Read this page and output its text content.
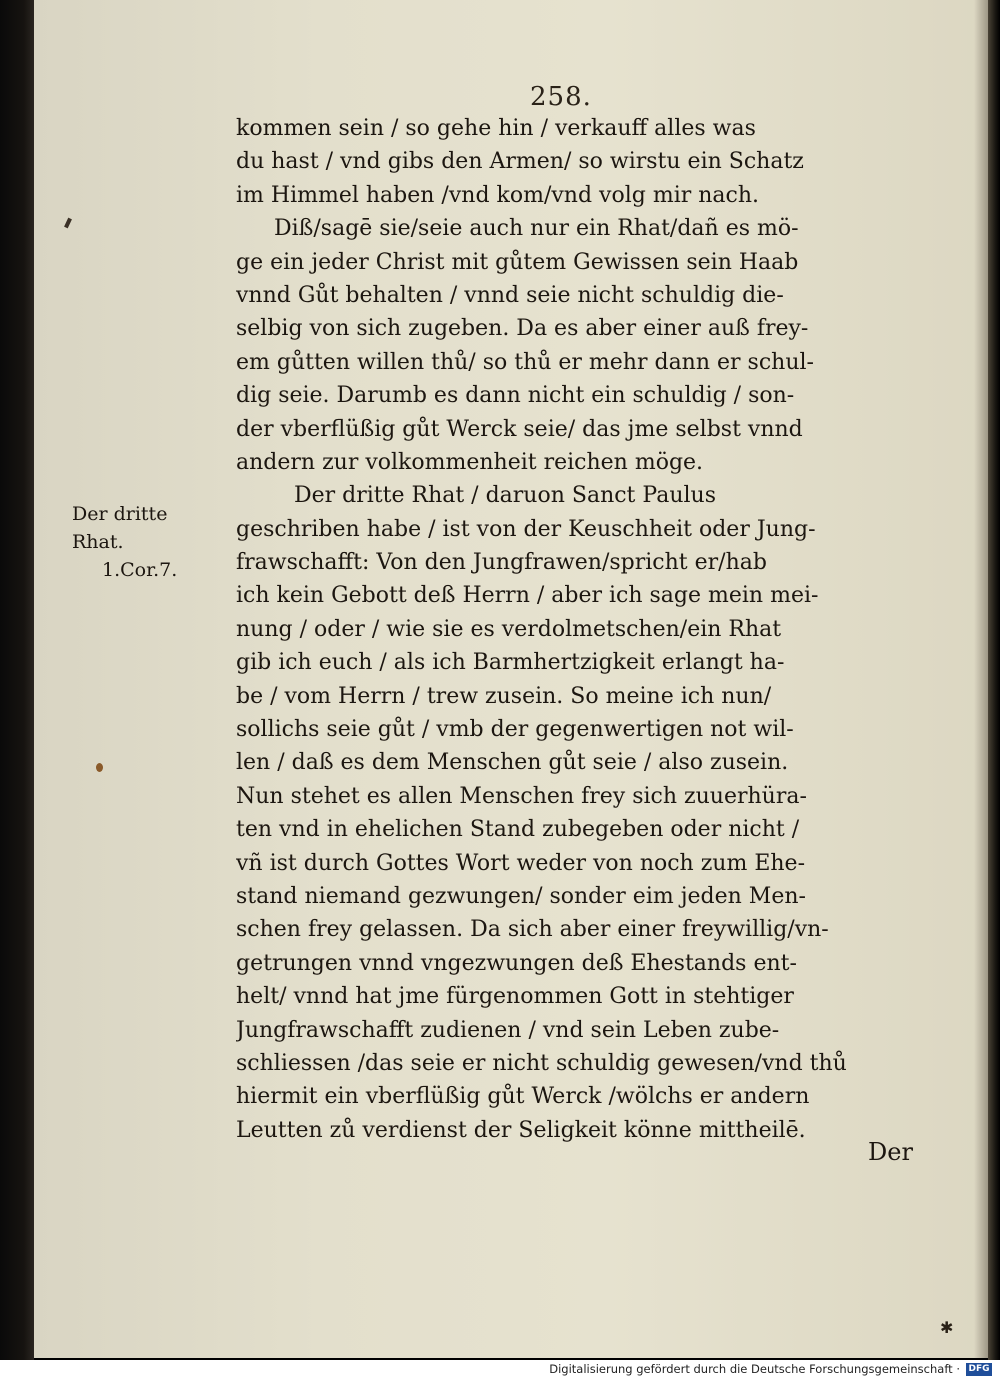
✱
258.
Der dritte
Rhat.
1.Cor.7.
kommen sein / so gehe hin / verkauff alles was
du hast / vnd gibs den Armen/ so wirstu ein Schatz
im Himmel haben /vnd kom/vnd volg mir nach.
Diß/sagē sie/seie auch nur ein Rhat/dañ es mö-
ge ein jeder Christ mit gůtem Gewissen sein Haab
vnnd Gůt behalten / vnnd seie nicht schuldig die-
selbig von sich zugeben. Da es aber einer auß frey-
em gůtten willen thů/ so thů er mehr dann er schul-
dig seie. Darumb es dann nicht ein schuldig / son-
der vberflüßig gůt Werck seie/ das jme selbst vnnd
andern zur volkommenheit reichen möge.
Der dritte Rhat / daruon Sanct Paulus
geschriben habe / ist von der Keuschheit oder Jung-
frawschafft: Von den Jungfrawen/spricht er/hab
ich kein Gebott deß Herrn / aber ich sage mein mei-
nung / oder / wie sie es verdolmetschen/ein Rhat
gib ich euch / als ich Barmhertzigkeit erlangt ha-
be / vom Herrn / trew zusein. So meine ich nun/
sollichs seie gůt / vmb der gegenwertigen not wil-
len / daß es dem Menschen gůt seie / also zusein.
Nun stehet es allen Menschen frey sich zuuerhüra-
ten vnd in ehelichen Stand zubegeben oder nicht /
vñ ist durch Gottes Wort weder von noch zum Ehe-
stand niemand gezwungen/ sonder eim jeden Men-
schen frey gelassen. Da sich aber einer freywillig/vn-
getrungen vnnd vngezwungen deß Ehestands ent-
helt/ vnnd hat jme fürgenommen Gott in stehtiger
Jungfrawschafft zudienen / vnd sein Leben zube-
schliessen /das seie er nicht schuldig gewesen/vnd thů
hiermit ein vberflüßig gůt Werck /wölchs er andern
Leutten zů verdienst der Seligkeit könne mittheilē.
Der
Digitalisierung gefördert durch die Deutsche Forschungsgemeinschaft · DFG
